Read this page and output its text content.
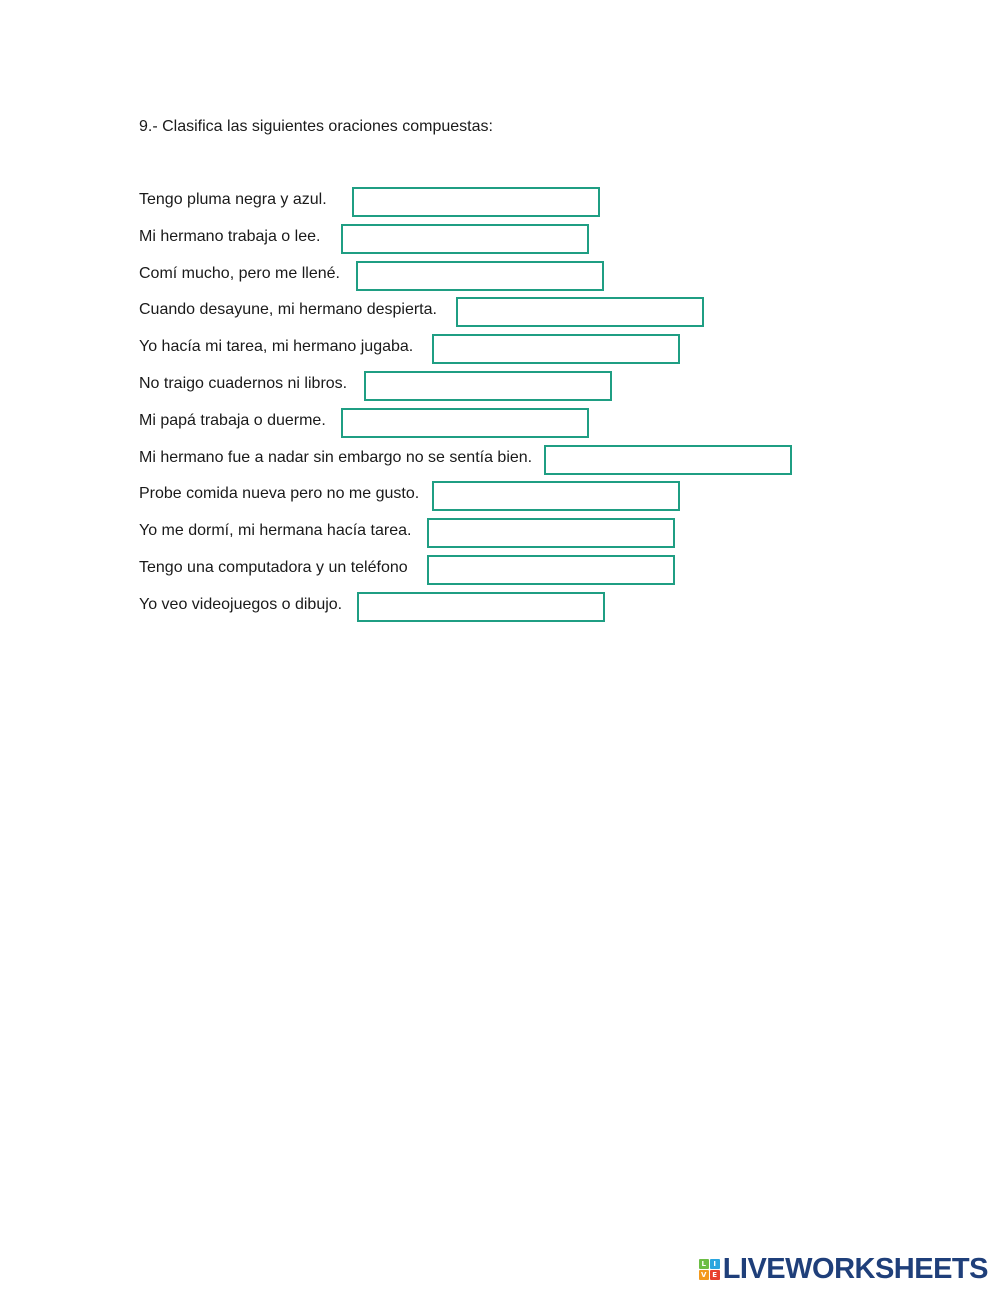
9.- Clasifica las siguientes oraciones compuestas:
Tengo pluma negra y azul.
Mi hermano trabaja o lee.
Comí mucho, pero me llené.
Cuando desayune, mi hermano despierta.
Yo hacía mi tarea, mi hermano jugaba.
No traigo cuadernos ni libros.
Mi papá trabaja o duerme.
Mi hermano fue a nadar sin embargo no se sentía bien.
Probe comida nueva pero no me gusto.
Yo me dormí, mi hermana hacía tarea.
Tengo una computadora y un teléfono
Yo veo videojuegos o dibujo.
L	I
V E LIVEWORKSHEETS
